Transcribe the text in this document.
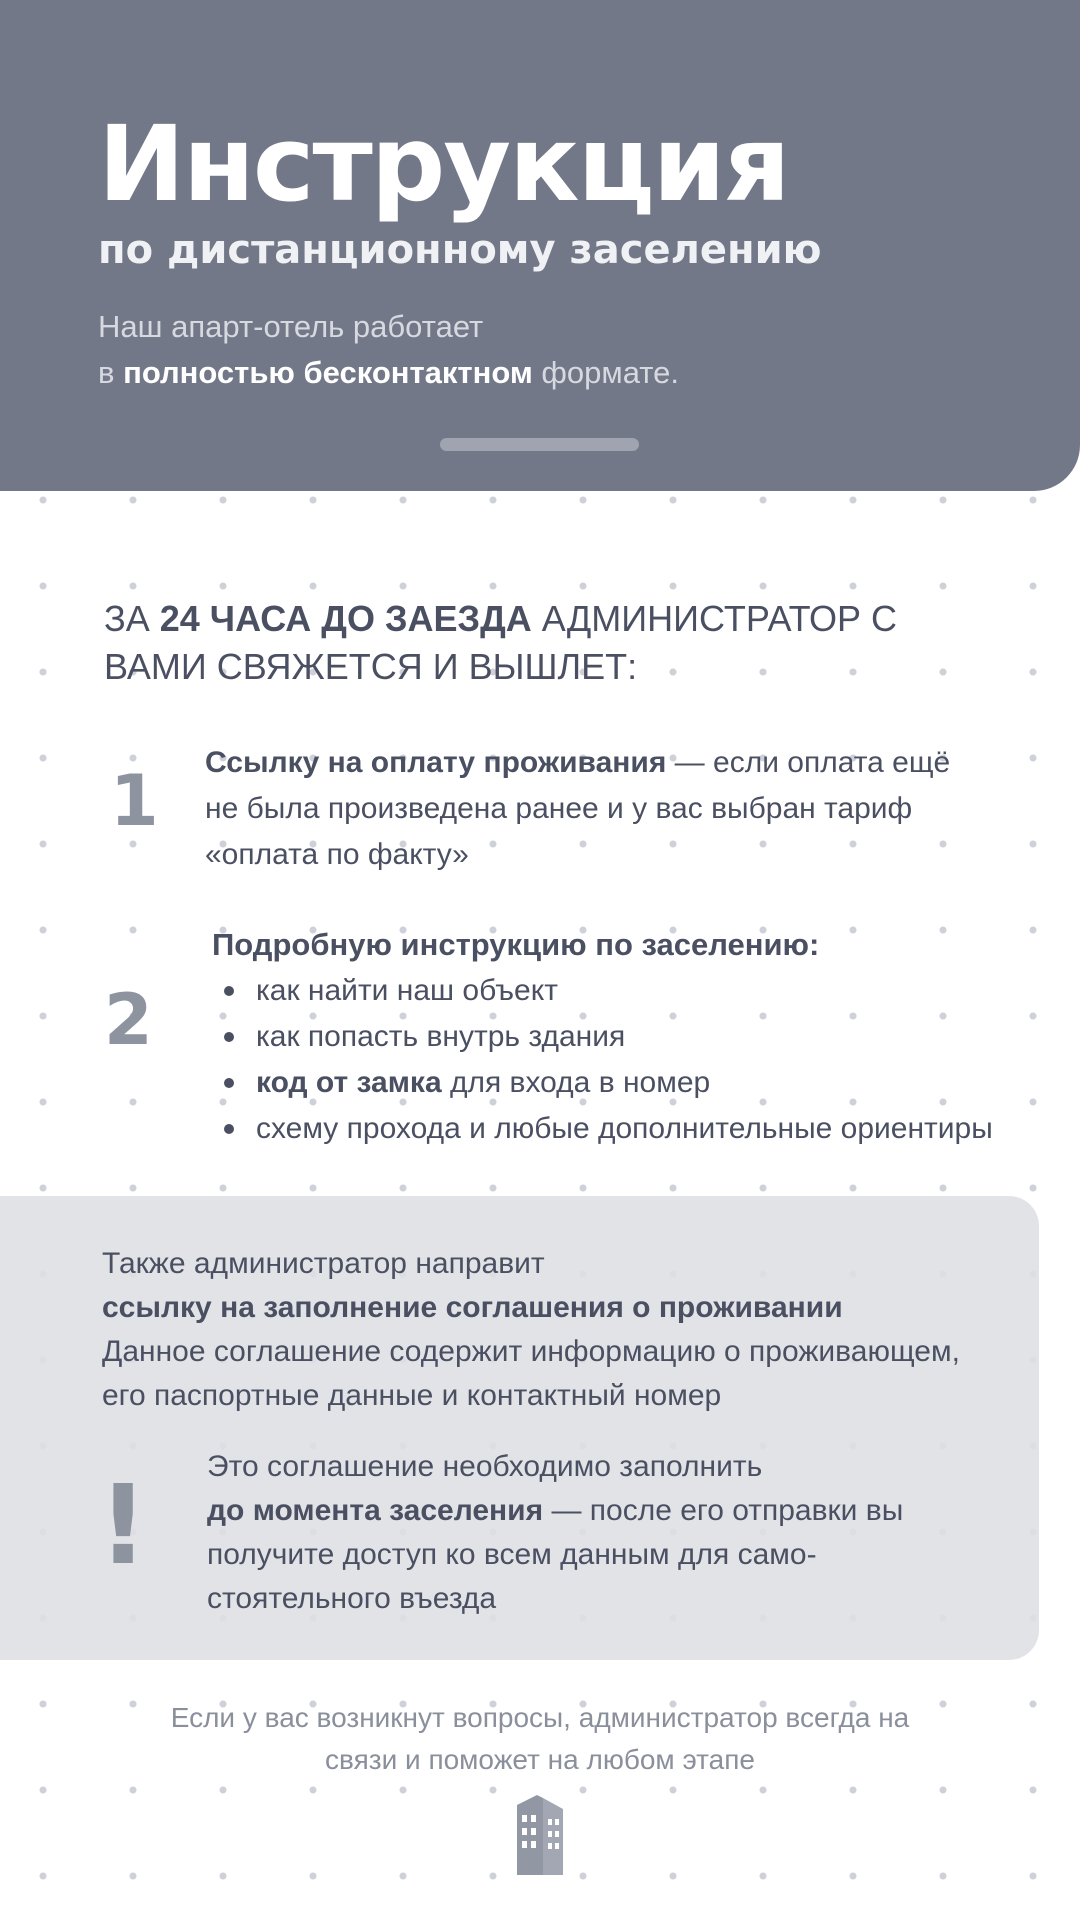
Инструкция
по дистанционному заселению
Наш апарт-отель работает
в полностью бесконтактном формате.
ЗА 24 ЧАСА ДО ЗАЕЗДА АДМИНИСТРАТОР С ВАМИ СВЯЖЕТСЯ И ВЫШЛЕТ:
1 Ссылку на оплату проживания — если оплата ещё не была произведена ранее и у вас выбран тариф «оплата по факту»
2
Подробную инструкцию по заселению:
как найти наш объект
как попасть внутрь здания
код от замка для входа в номер
схему прохода и любые дополнительные ориентиры
Также администратор направит
ссылку на заполнение соглашения о проживании
Данное соглашение содержит информацию о проживающем,
его паспортные данные и контактный номер
! Это соглашение необходимо заполнить
до момента заселения — после его отправки вы получите доступ ко всем данным для само-стоятельного въезда
Если у вас возникнут вопросы, администратор всегда на
связи и поможет на любом этапе
